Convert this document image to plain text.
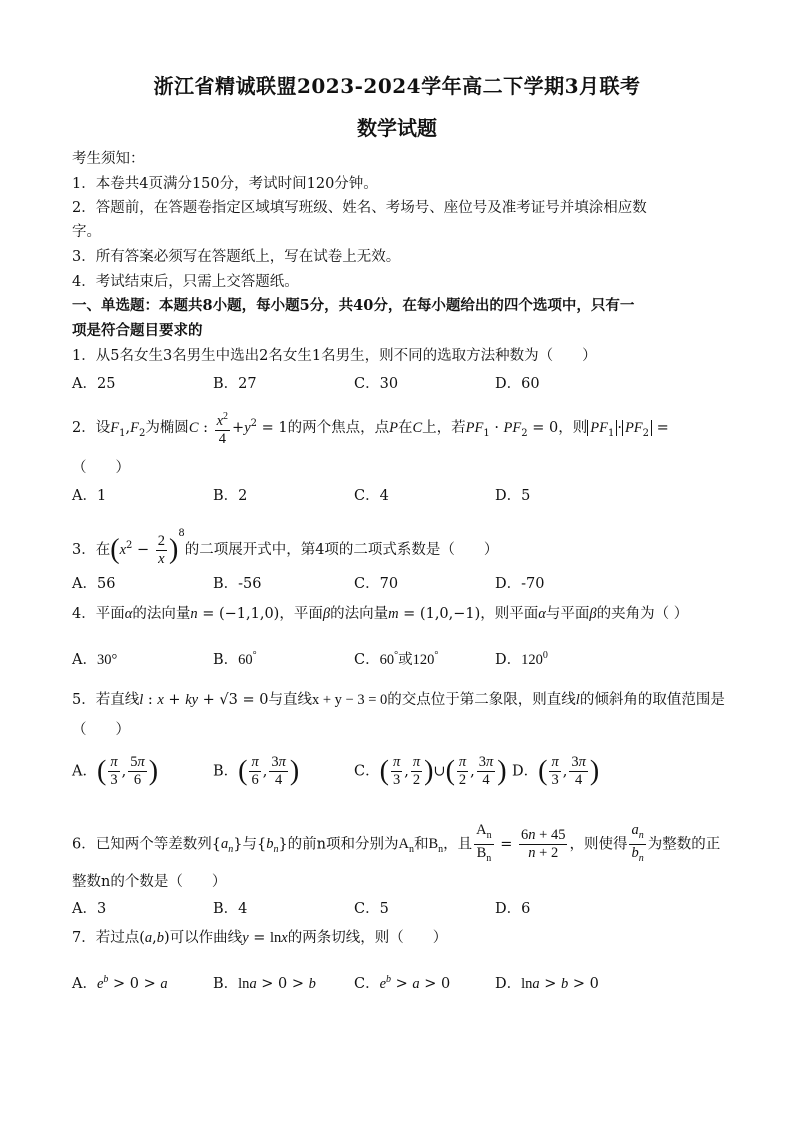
浙江省精诚联盟2023-2024学年高二下学期3月联考
数学试题
考生须知：
1．本卷共4页满分150分，考试时间120分钟。
2．答题前，在答题卷指定区域填写班级、姓名、考场号、座位号及准考证号并填涂相应数
字。
3．所有答案必须写在答题纸上，写在试卷上无效。
4．考试结束后，只需上交答题纸。
一、单选题：本题共8小题，每小题5分，共40分，在每小题给出的四个选项中，只有一
项是符合题目要求的
1．从5名女生3名男生中选出2名女生1名男生，则不同的选取方法种数为（　　）
A．25	B．27	C．30	D．60
2．设$F_1,F_2$为椭圆C : $\frac{x^2}{4} +y^2 = 1$的两个焦点，点P在C上，若$PF_1 \cdot PF_2 = 0$，则 $PF_1 \cdot PF_2$ =
（　　）
A．1	B．2	C．4	D．5
3．在$(x^2 - \frac{2}{x} )^8$的二项展开式中，第4项的二项式系数是（　　）
A．56	B．-56	C．70	D．-70
4．平面α的法向量n = (−1,1,0)，平面β的法向量m = (1,0,−1)，则平面α与平面β的夹角为（ ）
A．30°	B．60°	C．60°或120°	D．$120^0$
5．若直线l : x + ky + √3 = 0与直线x + y − 3 = 0的交点位于第二象限，则直线l的倾斜角的取值范围是
（　　）
A．( $\frac{\pi}{3}$ , $\frac{5\pi}{6}$ )	B．( $\frac{\pi}{6}$ , $\frac{3\pi}{4}$ )	C．( $\frac{\pi}{3}$ , $\frac{\pi}{2}$ )∪( $\frac{\pi}{2}$ , $\frac{3\pi}{4}$ ) D．( $\frac{\pi}{3}$ , $\frac{3\pi}{4}$ )
6．已知两个等差数列$\{a_n\}$与$\{b_n\}$的前n项和分别为$A_n$和$B_n$，且 $\frac{A_n}{B_n} = \frac{6n + 45}{n + 2}$ ，则使得 $\frac{a_n}{b_n}$ 为整数的正
整数n的个数是（　　）
A．3	B．4	C．5	D．6
7．若过点(a,b)可以作曲线y = lnx的两条切线，则（　　）
A．$e^b > 0 > a$	B．lna > 0 > b	C．$e^b > a > 0$	D．lna > b > 0
